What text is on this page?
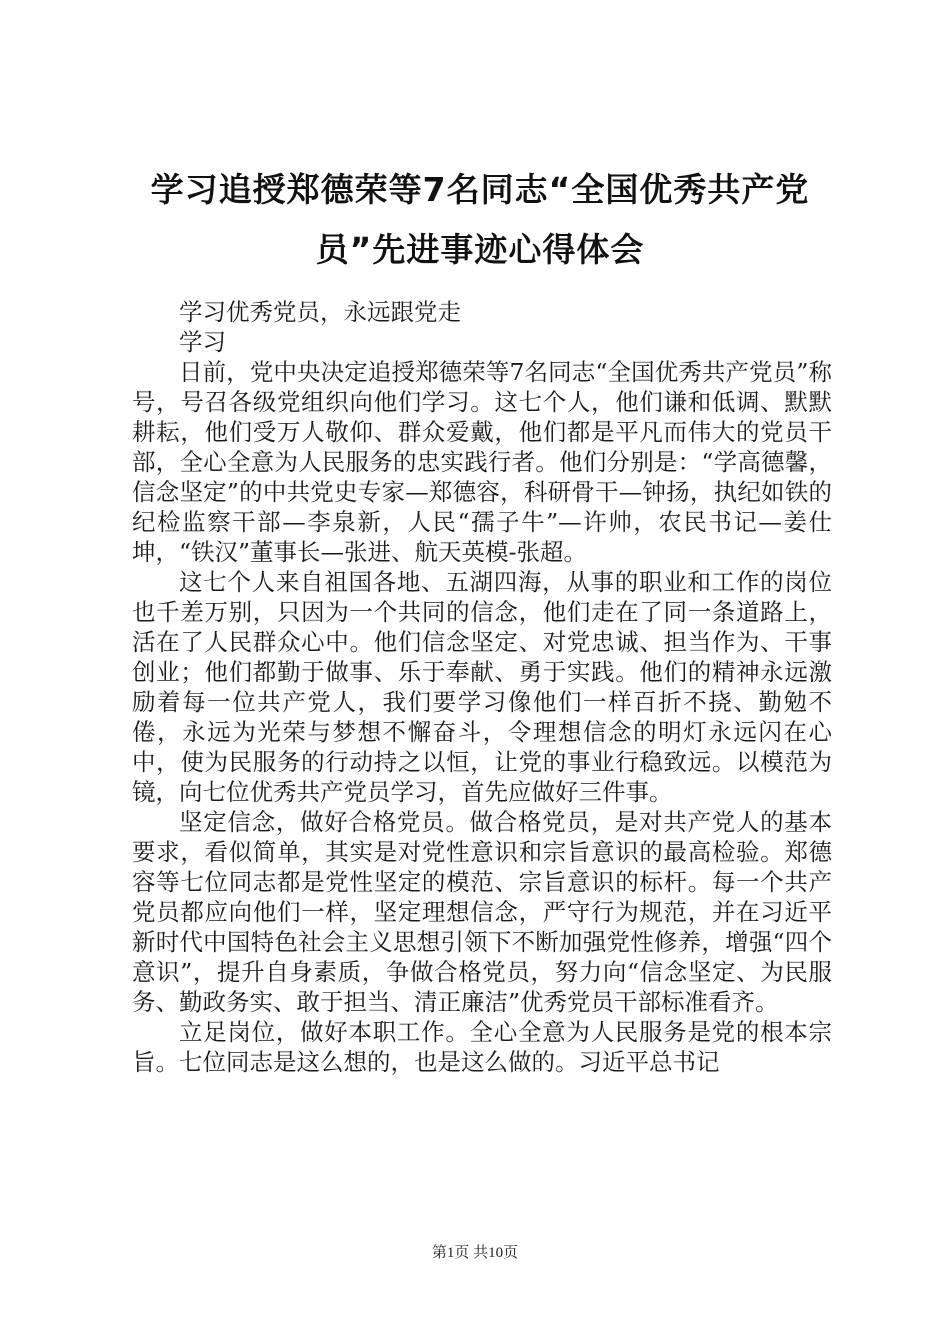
学习追授郑德荣等7名同志“全国优秀共产党
员”先进事迹心得体会

学习优秀党员，永远跟党走

学习

日前，党中央决定追授郑德荣等7名同志“全国优秀共产党员”称号，号召各级党组织向他们学习。这七个人，他们谦和低调、默默耕耘，他们受万人敬仰、群众爱戴，他们都是平凡而伟大的党员干部，全心全意为人民服务的忠实践行者。他们分别是：“学高德馨，信念坚定”的中共党史专家—郑德容，科研骨干—钟扬，执纪如铁的纪检监察干部—李泉新，人民“孺子牛”—许帅，农民书记—姜仕坤，“铁汉”董事长—张进、航天英模-张超。

这七个人来自祖国各地、五湖四海，从事的职业和工作的岗位也千差万别，只因为一个共同的信念，他们走在了同一条道路上，活在了人民群众心中。他们信念坚定、对党忠诚、担当作为、干事创业；他们都勤于做事、乐于奉献、勇于实践。他们的精神永远激励着每一位共产党人，我们要学习像他们一样百折不挠、勤勉不倦，永远为光荣与梦想不懈奋斗，令理想信念的明灯永远闪在心中，使为民服务的行动持之以恒，让党的事业行稳致远。以模范为镜，向七位优秀共产党员学习，首先应做好三件事。

坚定信念，做好合格党员。做合格党员，是对共产党人的基本要求，看似简单，其实是对党性意识和宗旨意识的最高检验。郑德容等七位同志都是党性坚定的模范、宗旨意识的标杆。每一个共产党员都应向他们一样，坚定理想信念，严守行为规范，并在习近平新时代中国特色社会主义思想引领下不断加强党性修养，增强“四个意识”，提升自身素质，争做合格党员，努力向“信念坚定、为民服务、勤政务实、敢于担当、清正廉洁”优秀党员干部标准看齐。

立足岗位，做好本职工作。全心全意为人民服务是党的根本宗旨。七位同志是这么想的，也是这么做的。习近平总书记

第1页 共10页
